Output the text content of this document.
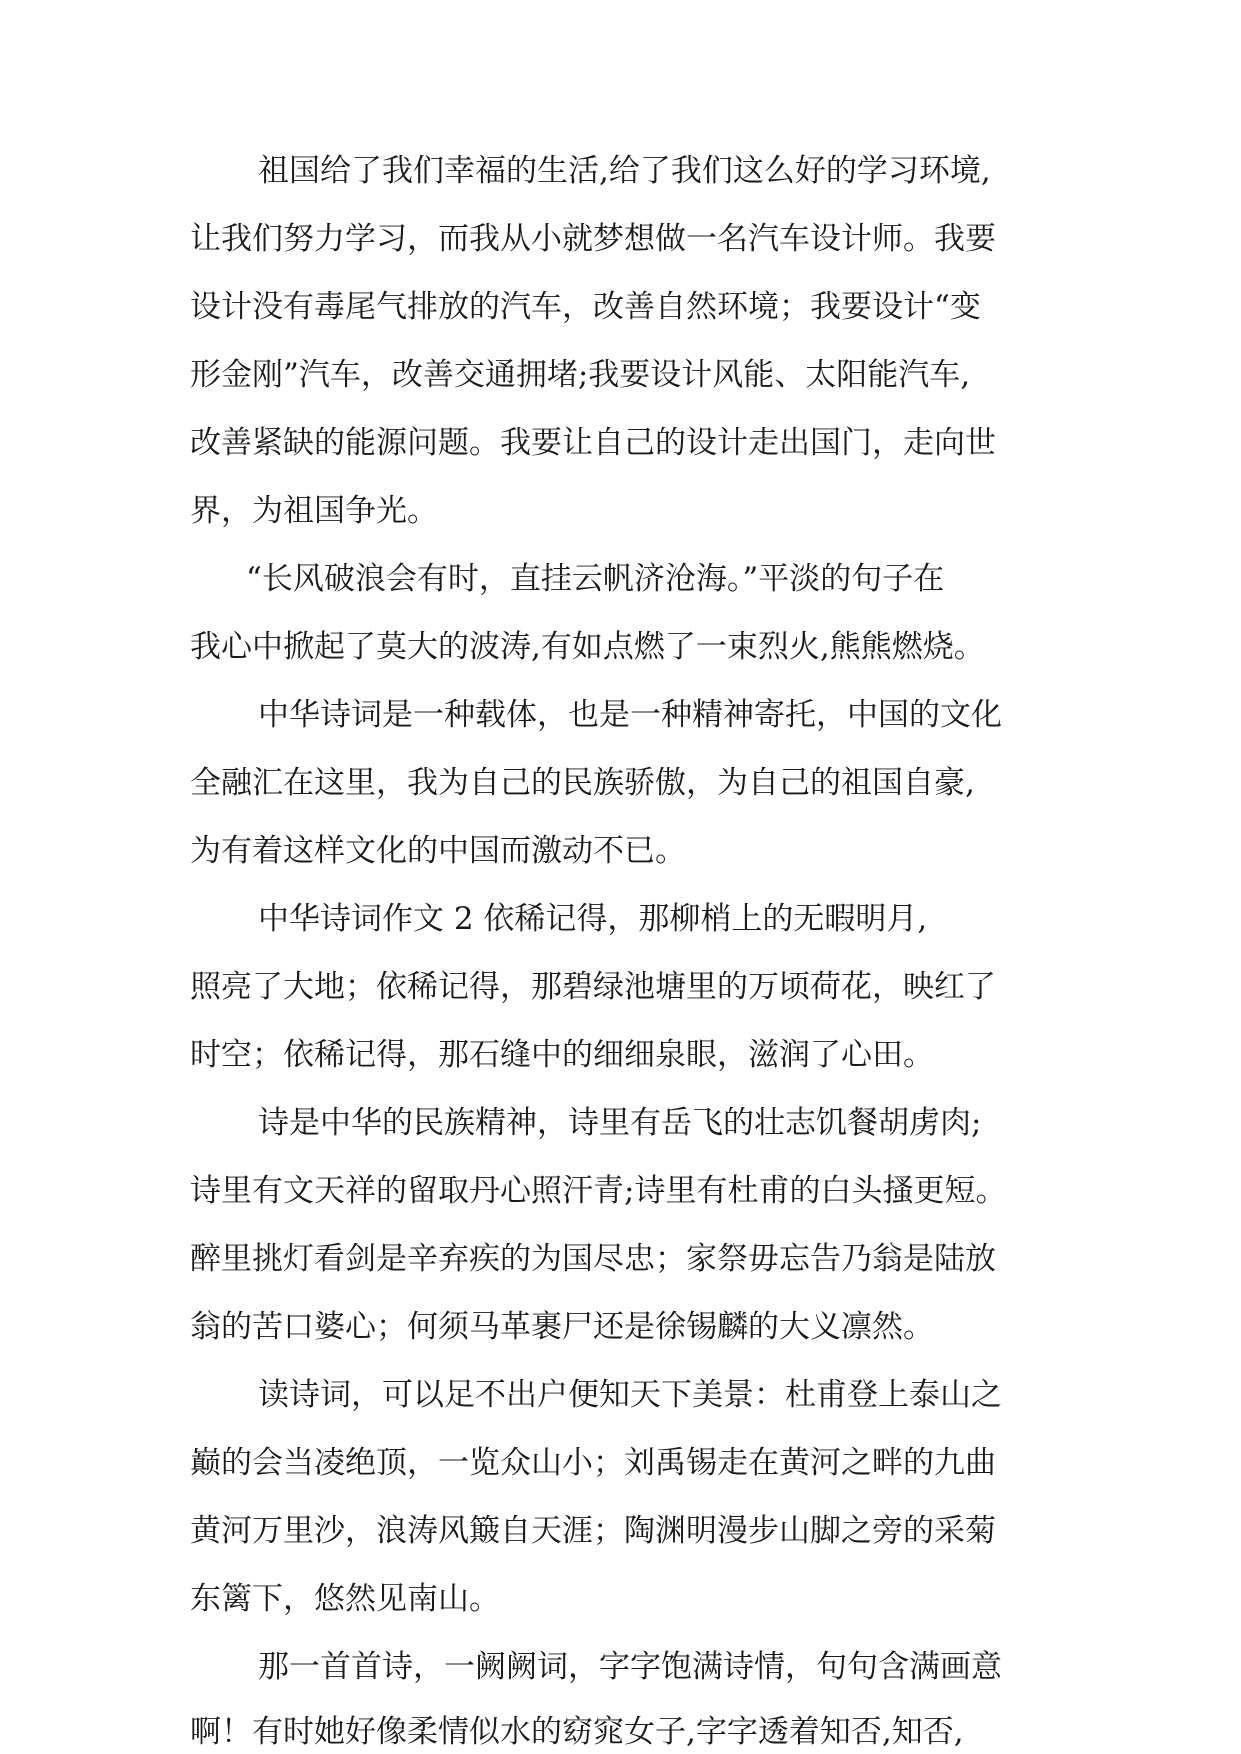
祖国给了我们幸福的生活,给了我们这么好的学习环境,
让我们努力学习，而我从小就梦想做一名汽车设计师。我要
设计没有毒尾气排放的汽车，改善自然环境；我要设计“变
形金刚”汽车，改善交通拥堵;我要设计风能、太阳能汽车,
改善紧缺的能源问题。我要让自己的设计走出国门，走向世
界，为祖国争光。
“长风破浪会有时，直挂云帆济沧海。”平淡的句子在
我心中掀起了莫大的波涛,有如点燃了一束烈火,熊熊燃烧。
中华诗词是一种载体，也是一种精神寄托，中国的文化
全融汇在这里，我为自己的民族骄傲，为自己的祖国自豪,
为有着这样文化的中国而激动不已。
中华诗词作文 2 依稀记得，那柳梢上的无暇明月,
照亮了大地；依稀记得，那碧绿池塘里的万顷荷花，映红了
时空；依稀记得，那石缝中的细细泉眼，滋润了心田。
诗是中华的民族精神，诗里有岳飞的壮志饥餐胡虏肉;
诗里有文天祥的留取丹心照汗青;诗里有杜甫的白头搔更短。
醉里挑灯看剑是辛弃疾的为国尽忠；家祭毋忘告乃翁是陆放
翁的苦口婆心；何须马革裹尸还是徐锡麟的大义凛然。
读诗词，可以足不出户便知天下美景：杜甫登上泰山之
巅的会当凌绝顶，一览众山小；刘禹锡走在黄河之畔的九曲
黄河万里沙，浪涛风簸自天涯；陶渊明漫步山脚之旁的采菊
东篱下，悠然见南山。
那一首首诗，一阙阙词，字字饱满诗情，句句含满画意
啊！有时她好像柔情似水的窈窕女子,字字透着知否,知否,
